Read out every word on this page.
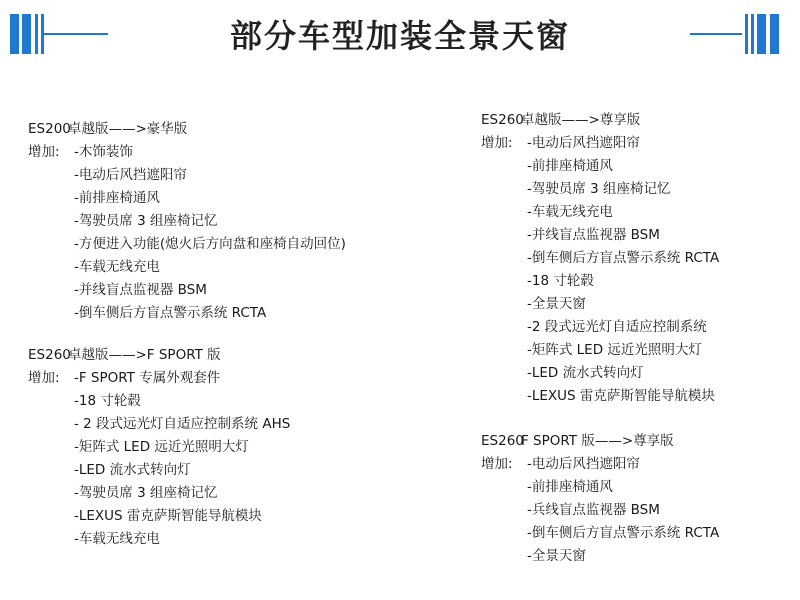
部分车型加装全景天窗
ES200卓越版——>豪华版
增加:	-木饰装饰
-电动后风挡遮阳帘
-前排座椅通风
-驾驶员席 3 组座椅记忆
-方便进入功能(熄火后方向盘和座椅自动回位)
-车载无线充电
-并线盲点监视器 BSM
-倒车侧后方盲点警示系统 RCTA
ES260卓越版——>F SPORT 版
增加:	-F SPORT 专属外观套件
-18 寸轮毂
- 2 段式远光灯自适应控制系统 AHS
-矩阵式 LED 远近光照明大灯
-LED 流水式转向灯
-驾驶员席 3 组座椅记忆
-LEXUS 雷克萨斯智能导航模块
-车载无线充电
ES260卓越版——>尊享版
增加:	-电动后风挡遮阳帘
-前排座椅通风
-驾驶员席 3 组座椅记忆
-车载无线充电
-并线盲点监视器 BSM
-倒车侧后方盲点警示系统 RCTA
-18 寸轮毂
-全景天窗
-2 段式远光灯自适应控制系统
-矩阵式 LED 远近光照明大灯
-LED 流水式转向灯
-LEXUS 雷克萨斯智能导航模块
ES260F SPORT 版——>尊享版
增加:	-电动后风挡遮阳帘
-前排座椅通风
-兵线盲点监视器 BSM
-倒车侧后方盲点警示系统 RCTA
-全景天窗
